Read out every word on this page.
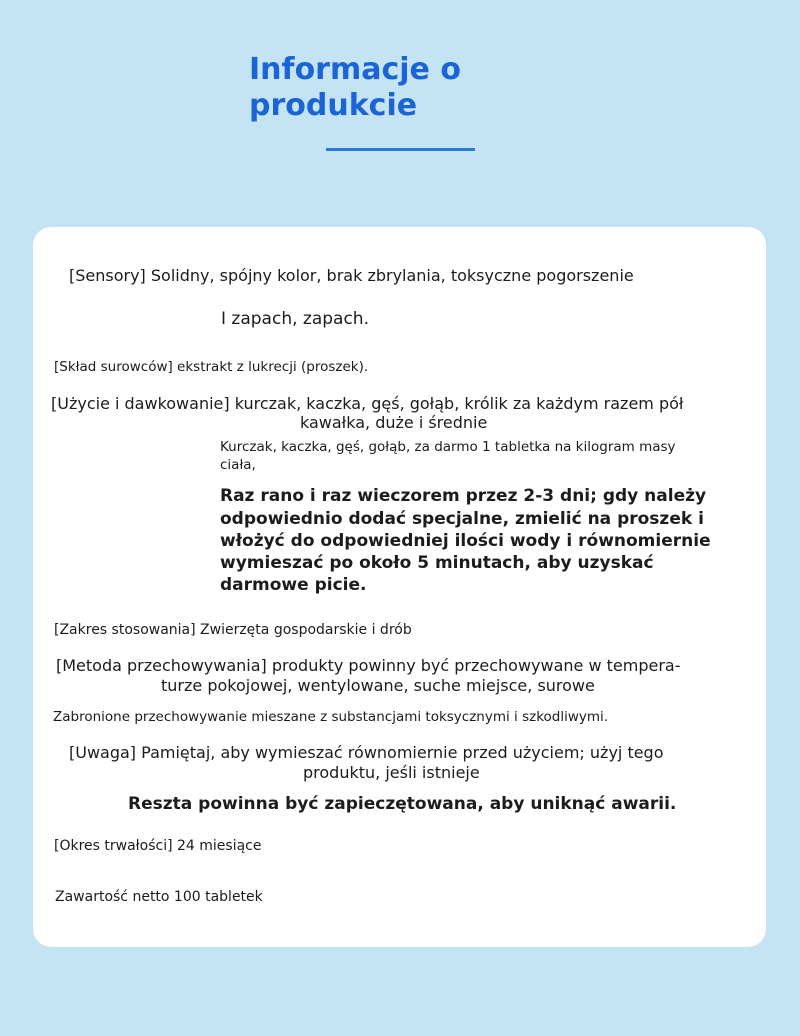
Informacje o
produkcie

[Sensory] Solidny, spójny kolor, brak zbrylania, toksyczne pogorszenie

I zapach, zapach.

[Skład surowców] ekstrakt z lukrecji (proszek).

[Użycie i dawkowanie] kurczak, kaczka, gęś, gołąb, królik za każdym razem pół

kawałka, duże i średnie

Kurczak, kaczka, gęś, gołąb, za darmo 1 tabletka na kilogram masy

ciała,

Raz rano i raz wieczorem przez 2-3 dni; gdy należy

odpowiednio dodać specjalne, zmielić na proszek i

włożyć do odpowiedniej ilości wody i równomiernie

wymieszać po około 5 minutach, aby uzyskać

darmowe picie.

[Zakres stosowania] Zwierzęta gospodarskie i drób

[Metoda przechowywania] produkty powinny być przechowywane w tempera-

turze pokojowej, wentylowane, suche miejsce, surowe

Zabronione przechowywanie mieszane z substancjami toksycznymi i szkodliwymi.

[Uwaga] Pamiętaj, aby wymieszać równomiernie przed użyciem; użyj tego

produktu, jeśli istnieje

Reszta powinna być zapieczętowana, aby uniknąć awarii.

[Okres trwałości] 24 miesiące

Zawartość netto 100 tabletek
